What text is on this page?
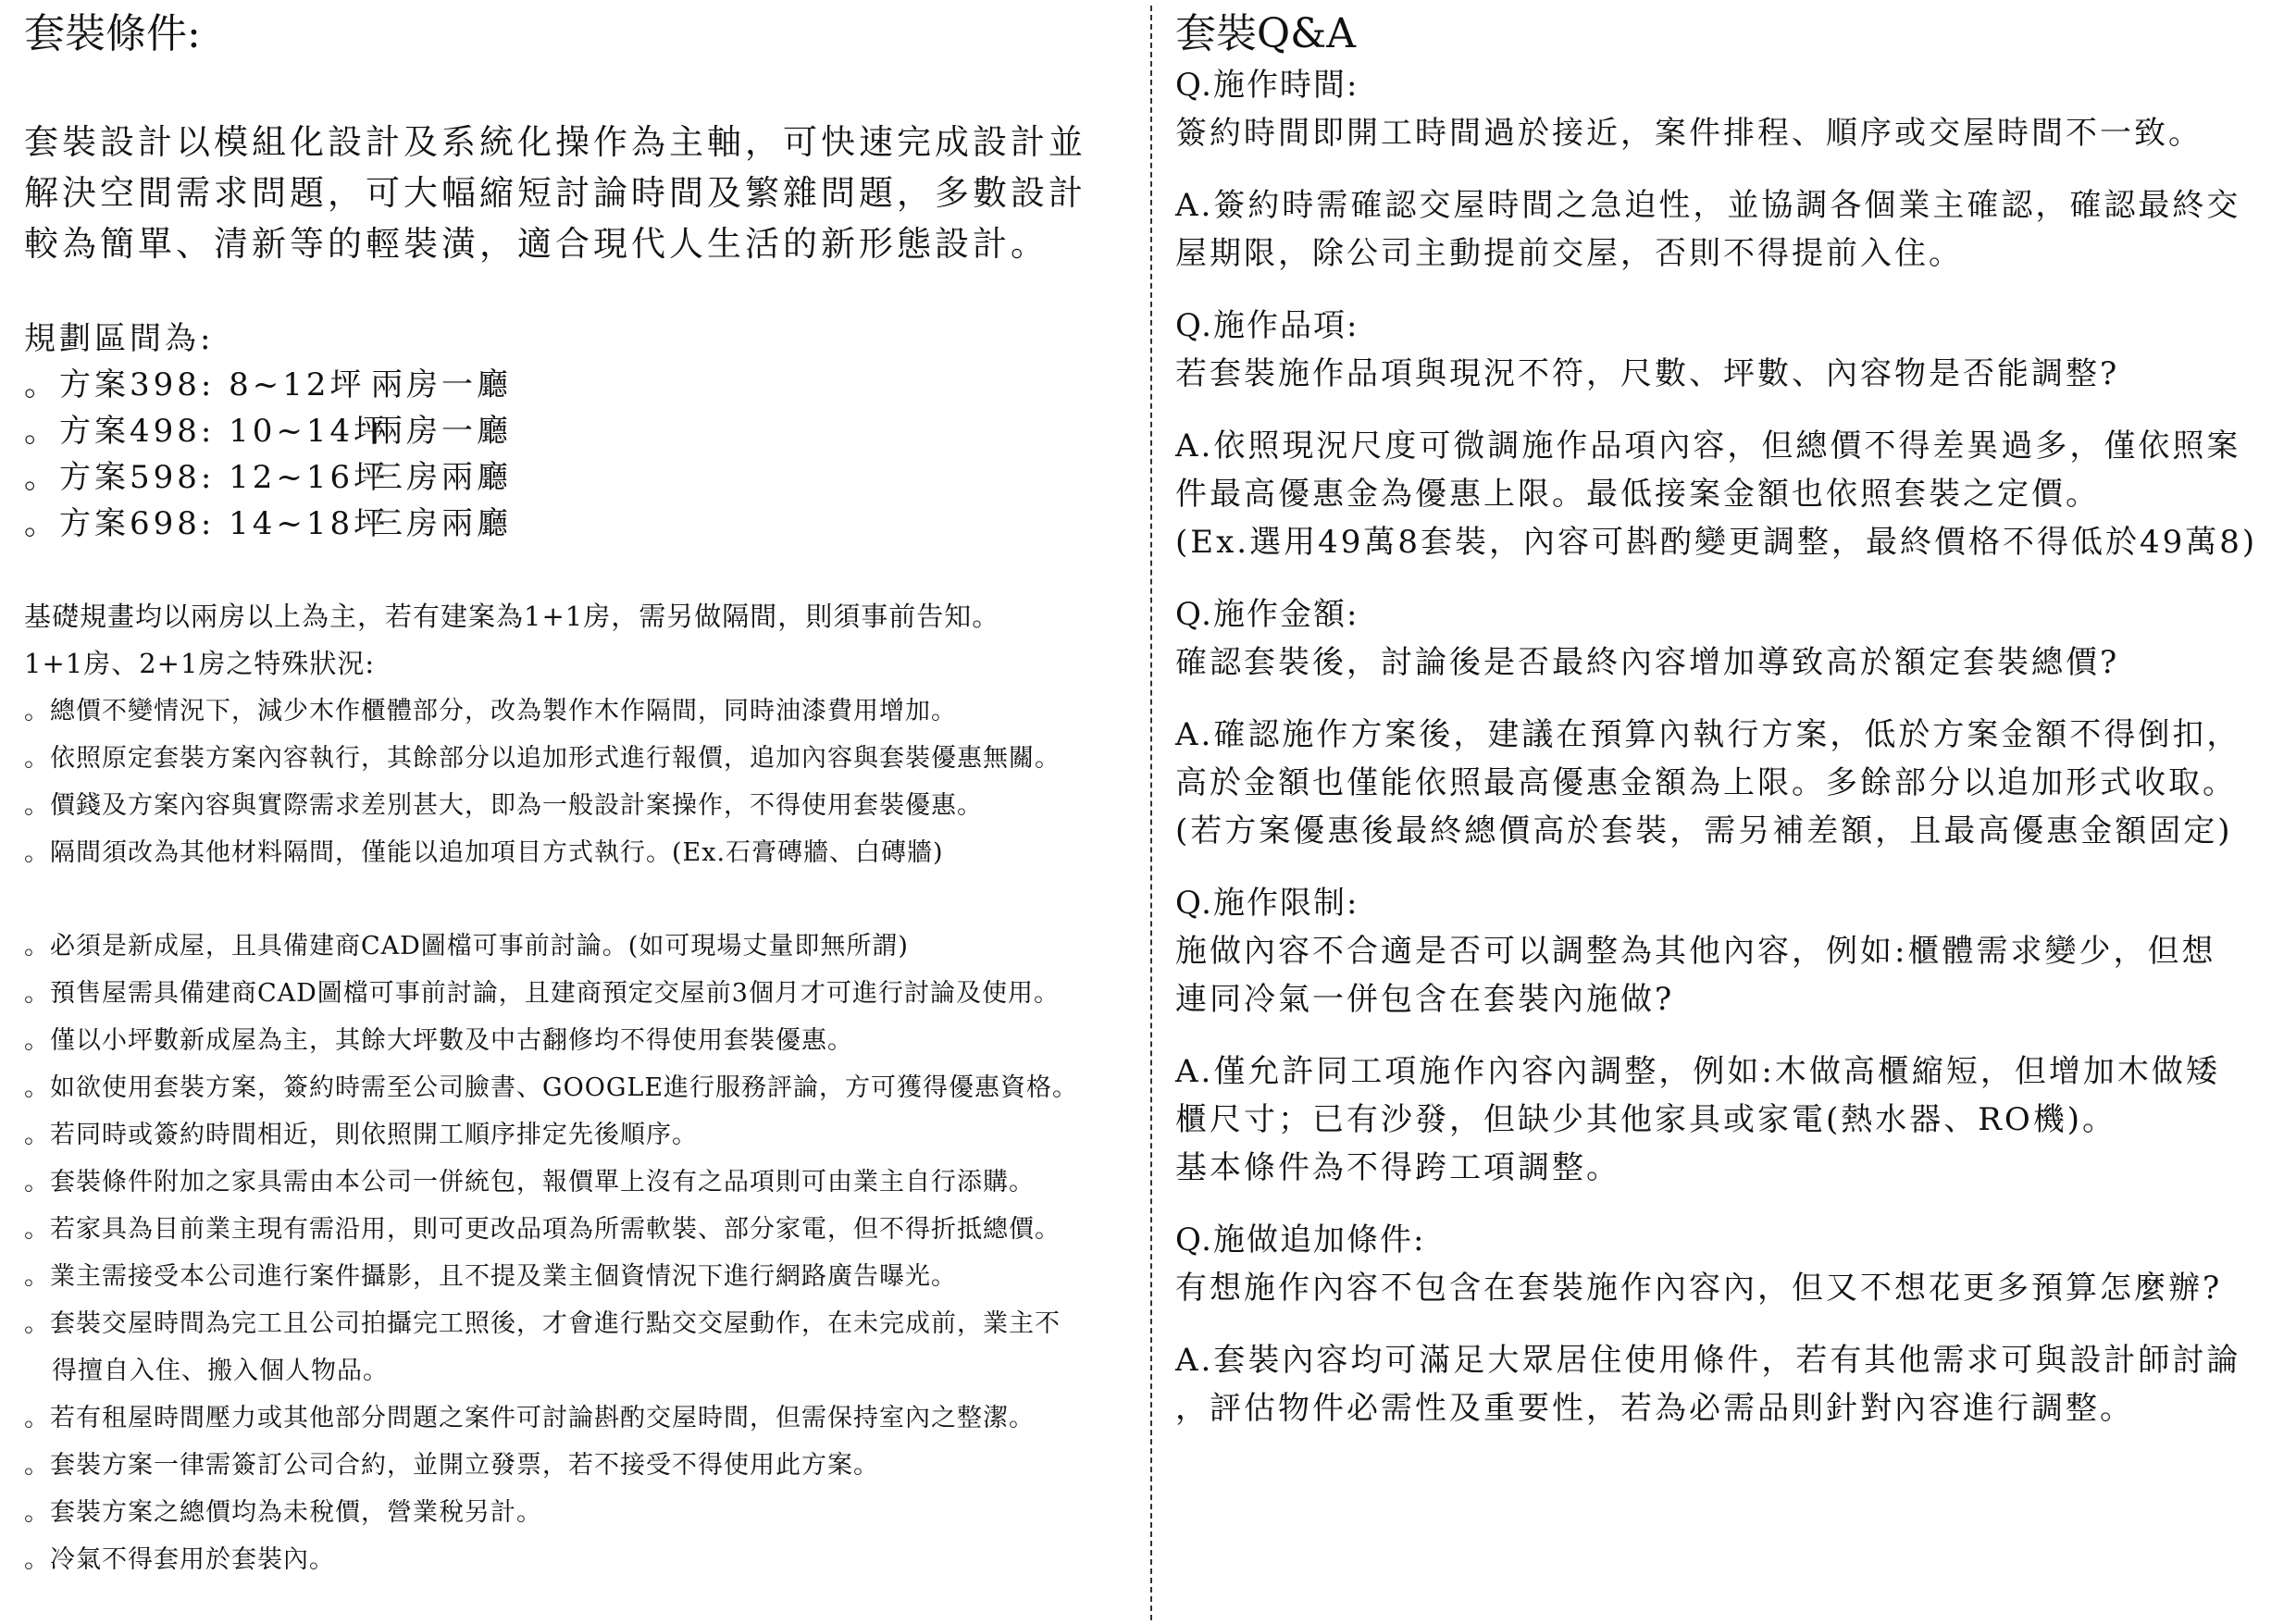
套裝條件:
套裝設計以模組化設計及系統化操作為主軸，可快速完成設計並
解決空間需求問題，可大幅縮短討論時間及繁雜問題，多數設計
較為簡單、清新等的輕裝潢，適合現代人生活的新形態設計。
規劃區間為:
。方案398: 8~12坪 兩房一廳
。方案498: 10~14坪
兩房一廳
。方案598: 12~16坪
三房兩廳
。方案698: 14~18坪
三房兩廳
基礎規畫均以兩房以上為主，若有建案為1+1房，需另做隔間，則須事前告知。
1+1房、2+1房之特殊狀況:
。總價不變情況下，減少木作櫃體部分，改為製作木作隔間，同時油漆費用增加。
。依照原定套裝方案內容執行，其餘部分以追加形式進行報價，追加內容與套裝優惠無關。
。價錢及方案內容與實際需求差別甚大，即為一般設計案操作，不得使用套裝優惠。
。隔間須改為其他材料隔間，僅能以追加項目方式執行。(Ex.石膏磚牆、白磚牆)
。必須是新成屋，且具備建商CAD圖檔可事前討論。(如可現場丈量即無所謂)
。預售屋需具備建商CAD圖檔可事前討論，且建商預定交屋前3個月才可進行討論及使用。
。僅以小坪數新成屋為主，其餘大坪數及中古翻修均不得使用套裝優惠。
。如欲使用套裝方案，簽約時需至公司臉書、GOOGLE進行服務評論，方可獲得優惠資格。
。若同時或簽約時間相近，則依照開工順序排定先後順序。
。套裝條件附加之家具需由本公司一併統包，報價單上沒有之品項則可由業主自行添購。
。若家具為目前業主現有需沿用，則可更改品項為所需軟裝、部分家電，但不得折抵總價。
。業主需接受本公司進行案件攝影，且不提及業主個資情況下進行網路廣告曝光。
。套裝交屋時間為完工且公司拍攝完工照後，才會進行點交交屋動作，在未完成前，業主不
得擅自入住、搬入個人物品。
。若有租屋時間壓力或其他部分問題之案件可討論斟酌交屋時間，但需保持室內之整潔。
。套裝方案一律需簽訂公司合約，並開立發票，若不接受不得使用此方案。
。套裝方案之總價均為未稅價，營業稅另計。
。冷氣不得套用於套裝內。
套裝Q&A
Q.施作時間:
簽約時間即開工時間過於接近，案件排程、順序或交屋時間不一致。
A.簽約時需確認交屋時間之急迫性，並協調各個業主確認，確認最終交
屋期限，除公司主動提前交屋，否則不得提前入住。
Q.施作品項:
若套裝施作品項與現況不符，尺數、坪數、內容物是否能調整?
A.依照現況尺度可微調施作品項內容，但總價不得差異過多，僅依照案
件最高優惠金為優惠上限。最低接案金額也依照套裝之定價。
(Ex.選用49萬8套裝，內容可斟酌變更調整，最終價格不得低於49萬8)
Q.施作金額:
確認套裝後，討論後是否最終內容增加導致高於額定套裝總價?
A.確認施作方案後，建議在預算內執行方案，低於方案金額不得倒扣，
高於金額也僅能依照最高優惠金額為上限。多餘部分以追加形式收取。
(若方案優惠後最終總價高於套裝，需另補差額，且最高優惠金額固定)
Q.施作限制:
施做內容不合適是否可以調整為其他內容，例如:櫃體需求變少，但想
連同冷氣一併包含在套裝內施做?
A.僅允許同工項施作內容內調整，例如:木做高櫃縮短，但增加木做矮
櫃尺寸；已有沙發，但缺少其他家具或家電(熱水器、RO機)。
基本條件為不得跨工項調整。
Q.施做追加條件:
有想施作內容不包含在套裝施作內容內，但又不想花更多預算怎麼辦?
A.套裝內容均可滿足大眾居住使用條件，若有其他需求可與設計師討論
，評估物件必需性及重要性，若為必需品則針對內容進行調整。
